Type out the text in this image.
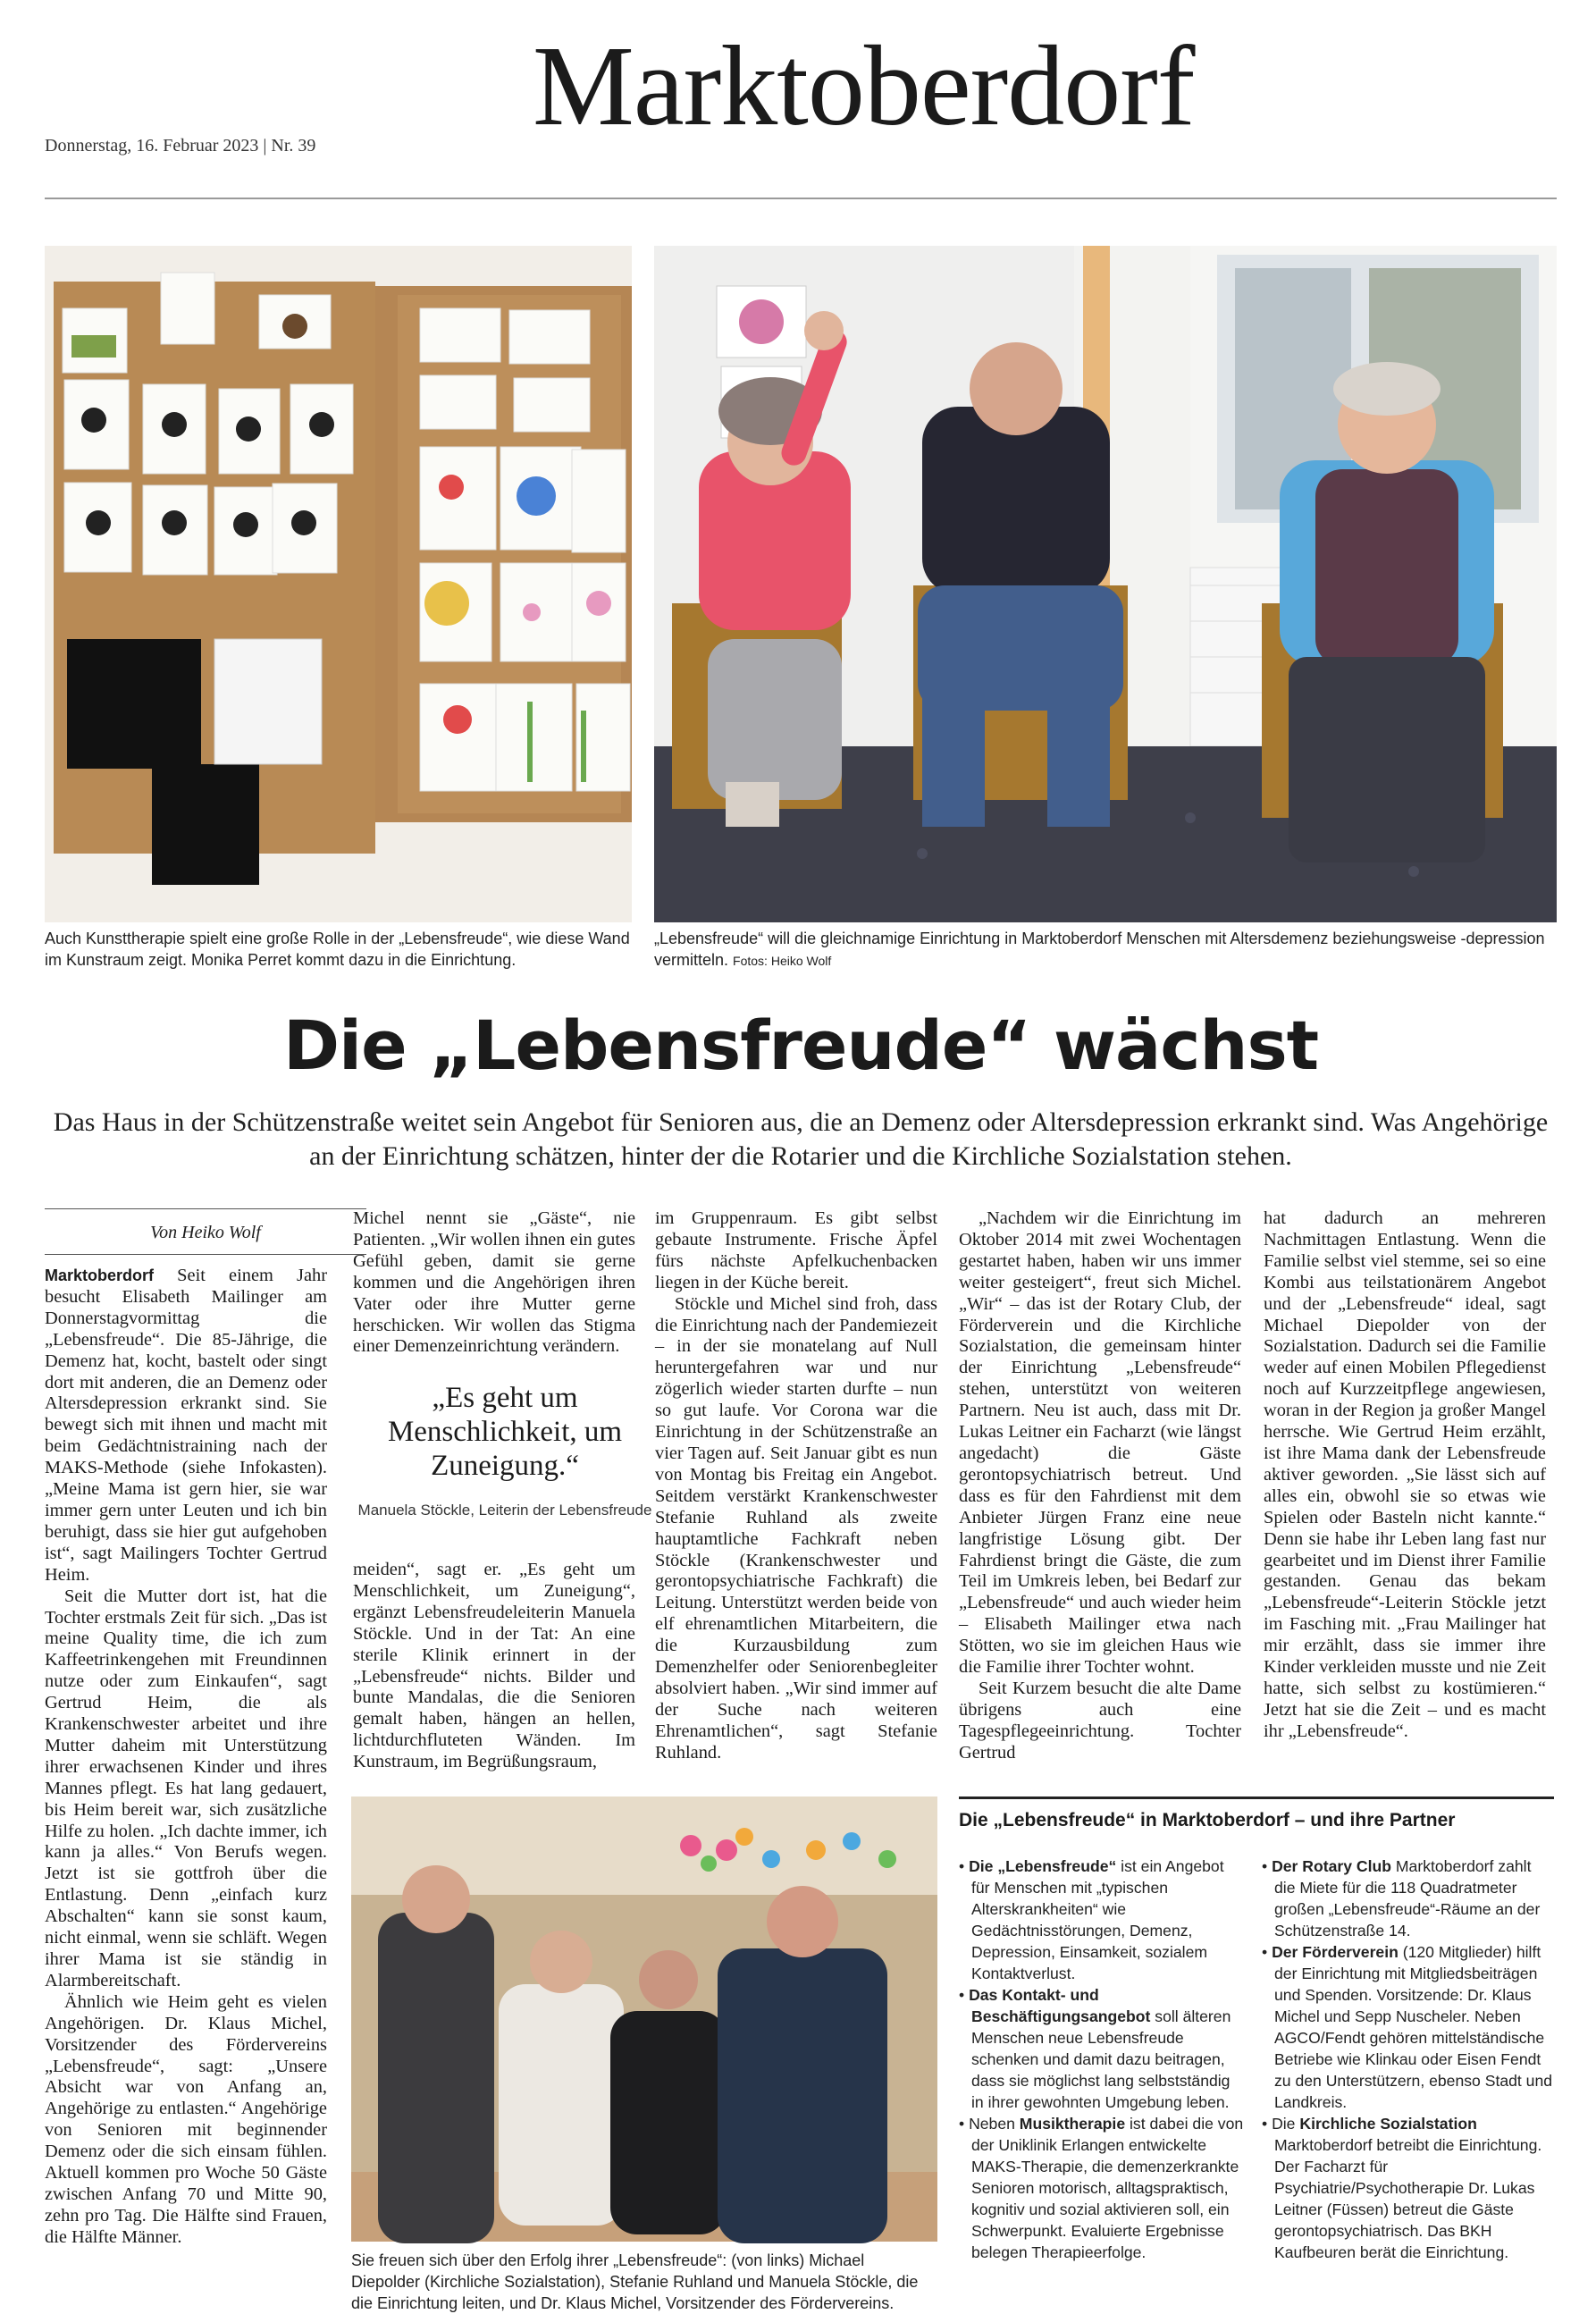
Donnerstag, 16. Februar 2023 | Nr. 39 Marktoberdorf
Auch Kunsttherapie spielt eine große Rolle in der „Lebensfreude“, wie diese Wand im Kunstraum zeigt. Monika Perret kommt dazu in die Einrichtung.
„Lebensfreude“ will die gleichnamige Einrichtung in Marktoberdorf Menschen mit Altersdemenz beziehungsweise -depression vermitteln. Fotos: Heiko Wolf
Die „Lebensfreude“ wächst
Das Haus in der Schützenstraße weitet sein Angebot für Senioren aus, die an Demenz oder Altersdepression erkrankt sind. Was Angehörige an der Einrichtung schätzen, hinter der die Rotarier und die Kirchliche Sozialstation stehen.
Von Heiko Wolf

Marktoberdorf Seit einem Jahr besucht Elisabeth Mailinger am Donnerstagvormittag die „Lebensfreude“. Die 85-Jährige, die Demenz hat, kocht, bastelt oder singt dort mit anderen, die an Demenz oder Altersdepression erkrankt sind. Sie bewegt sich mit ihnen und macht mit beim Gedächtnistraining nach der MAKS-Methode (siehe Infokasten). „Meine Mama ist gern hier, sie war immer gern unter Leuten und ich bin beruhigt, dass sie hier gut aufgehoben ist“, sagt Mailingers Tochter Gertrud Heim.

Seit die Mutter dort ist, hat die Tochter erstmals Zeit für sich. „Das ist meine Quality time, die ich zum Kaffeetrinkengehen mit Freundinnen nutze oder zum Einkaufen“, sagt Gertrud Heim, die als Krankenschwester arbeitet und ihre Mutter daheim mit Unterstützung ihrer erwachsenen Kinder und ihres Mannes pflegt. Es hat lang gedauert, bis Heim bereit war, sich zusätzliche Hilfe zu holen. „Ich dachte immer, ich kann ja alles.“ Von Berufs wegen. Jetzt ist sie gottfroh über die Entlastung. Denn „einfach kurz Abschalten“ kann sie sonst kaum, nicht einmal, wenn sie schläft. Wegen ihrer Mama ist sie ständig in Alarmbereitschaft.

Ähnlich wie Heim geht es vielen Angehörigen. Dr. Klaus Michel, Vorsitzender des Fördervereins „Lebensfreude“, sagt: „Unsere Absicht war von Anfang an, Angehörige zu entlasten.“ Angehörige von Senioren mit beginnender Demenz oder die sich einsam fühlen. Aktuell kommen pro Woche 50 Gäste zwischen Anfang 70 und Mitte 90, zehn pro Tag. Die Hälfte sind Frauen, die Hälfte Männer.

Michel nennt sie „Gäste“, nie Patienten. „Wir wollen ihnen ein gutes Gefühl geben, damit sie gerne kommen und die Angehörigen ihren Vater oder ihre Mutter gerne herschicken. Wir wollen das Stigma einer Demenzeinrichtung verändern.

„Es geht um Menschlichkeit, um Zuneigung.“
Manuela Stöckle, Leiterin der Lebensfreude

meiden“, sagt er. „Es geht um Menschlichkeit, um Zuneigung“, ergänzt Lebensfreudeleiterin Manuela Stöckle. Und in der Tat: An eine sterile Klinik erinnert in der „Lebensfreude“ nichts. Bilder und bunte Mandalas, die die Senioren gemalt haben, hängen an hellen, lichtdurchfluteten Wänden. Im Kunstraum, im Begrüßungsraum,

im Gruppenraum. Es gibt selbst gebaute Instrumente. Frische Äpfel fürs nächste Apfelkuchenbacken liegen in der Küche bereit.

Stöckle und Michel sind froh, dass die Einrichtung nach der Pandemiezeit – in der sie monatelang auf Null heruntergefahren war und nur zögerlich wieder starten durfte – nun so gut laufe. Vor Corona war die Einrichtung in der Schützenstraße an vier Tagen auf. Seit Januar gibt es nun von Montag bis Freitag ein Angebot. Seitdem verstärkt Krankenschwester Stefanie Ruhland als zweite hauptamtliche Fachkraft neben Stöckle (Krankenschwester und gerontopsychiatrische Fachkraft) die Leitung. Unterstützt werden beide von elf ehrenamtlichen Mitarbeitern, die die Kurzausbildung zum Demenzhelfer oder Seniorenbegleiter absolviert haben. „Wir sind immer auf der Suche nach weiteren Ehrenamtlichen“, sagt Stefanie Ruhland.

„Nachdem wir die Einrichtung im Oktober 2014 mit zwei Wochentagen gestartet haben, haben wir uns immer weiter gesteigert“, freut sich Michel. „Wir“ – das ist der Rotary Club, der Förderverein und die Kirchliche Sozialstation, die gemeinsam hinter der Einrichtung „Lebensfreude“ stehen, unterstützt von weiteren Partnern. Neu ist auch, dass mit Dr. Lukas Leitner ein Facharzt (wie längst angedacht) die Gäste gerontopsychiatrisch betreut. Und dass es für den Fahrdienst mit dem Anbieter Jürgen Franz eine neue langfristige Lösung gibt. Der Fahrdienst bringt die Gäste, die zum Teil im Umkreis leben, bei Bedarf zur „Lebensfreude“ und auch wieder heim – Elisabeth Mailinger etwa nach Stötten, wo sie im gleichen Haus wie die Familie ihrer Tochter wohnt.

Seit Kurzem besucht die alte Dame übrigens auch eine Tagespflegeeinrichtung. Tochter Gertrud

hat dadurch an mehreren Nachmittagen Entlastung. Wenn die Familie selbst viel stemme, sei so eine Kombi aus teilstationärem Angebot und der „Lebensfreude“ ideal, sagt Michael Diepolder von der Sozialstation. Dadurch sei die Familie weder auf einen Mobilen Pflegedienst noch auf Kurzzeitpflege angewiesen, woran in der Region ja großer Mangel herrsche. Wie Gertrud Heim erzählt, ist ihre Mama dank der Lebensfreude aktiver geworden. „Sie lässt sich auf alles ein, obwohl sie so etwas wie Spielen oder Basteln nicht kannte.“ Denn sie habe ihr Leben lang fast nur gearbeitet und im Dienst ihrer Familie gestanden. Genau das bekam „Lebensfreude“-Leiterin Stöckle jetzt im Fasching mit. „Frau Mailinger hat mir erzählt, dass sie immer ihre Kinder verkleiden musste und nie Zeit hatte, sich selbst zu kostümieren.“ Jetzt hat sie die Zeit – und es macht ihr „Lebensfreude“.

Sie freuen sich über den Erfolg ihrer „Lebensfreude“: (von links) Michael Diepolder (Kirchliche Sozialstation), Stefanie Ruhland und Manuela Stöckle, die die Einrichtung leiten, und Dr. Klaus Michel, Vorsitzender des Fördervereins.
Die „Lebensfreude“ in Marktoberdorf – und ihre Partner
• Die „Lebensfreude“ ist ein Angebot für Menschen mit „typischen Alterskrankheiten“ wie Gedächtnisstörungen, Demenz, Depression, Einsamkeit, sozialem Kontaktverlust.
• Das Kontakt- und Beschäftigungsangebot soll älteren Menschen neue Lebensfreude schenken und damit dazu beitragen, dass sie möglichst lang selbstständig in ihrer gewohnten Umgebung leben.
• Neben Musiktherapie ist dabei die von der Uniklinik Erlangen entwickelte MAKS-Therapie, die demenzerkrankte Senioren motorisch, alltagspraktisch, kognitiv und sozial aktivieren soll, ein Schwerpunkt. Evaluierte Ergebnisse belegen Therapieerfolge.
• Der Rotary Club Marktoberdorf zahlt die Miete für die 118 Quadratmeter großen „Lebensfreude“-Räume an der Schützenstraße 14.
• Der Förderverein (120 Mitglieder) hilft der Einrichtung mit Mitgliedsbeiträgen und Spenden. Vorsitzende: Dr. Klaus Michel und Sepp Nuscheler. Neben AGCO/Fendt gehören mittelständische Betriebe wie Klinkau oder Eisen Fendt zu den Unterstützern, ebenso Stadt und Landkreis.
• Die Kirchliche Sozialstation Marktoberdorf betreibt die Einrichtung. Der Facharzt für Psychiatrie/Psychotherapie Dr. Lukas Leitner (Füssen) betreut die Gäste gerontopsychiatrisch. Das BKH Kaufbeuren berät die Einrichtung.
